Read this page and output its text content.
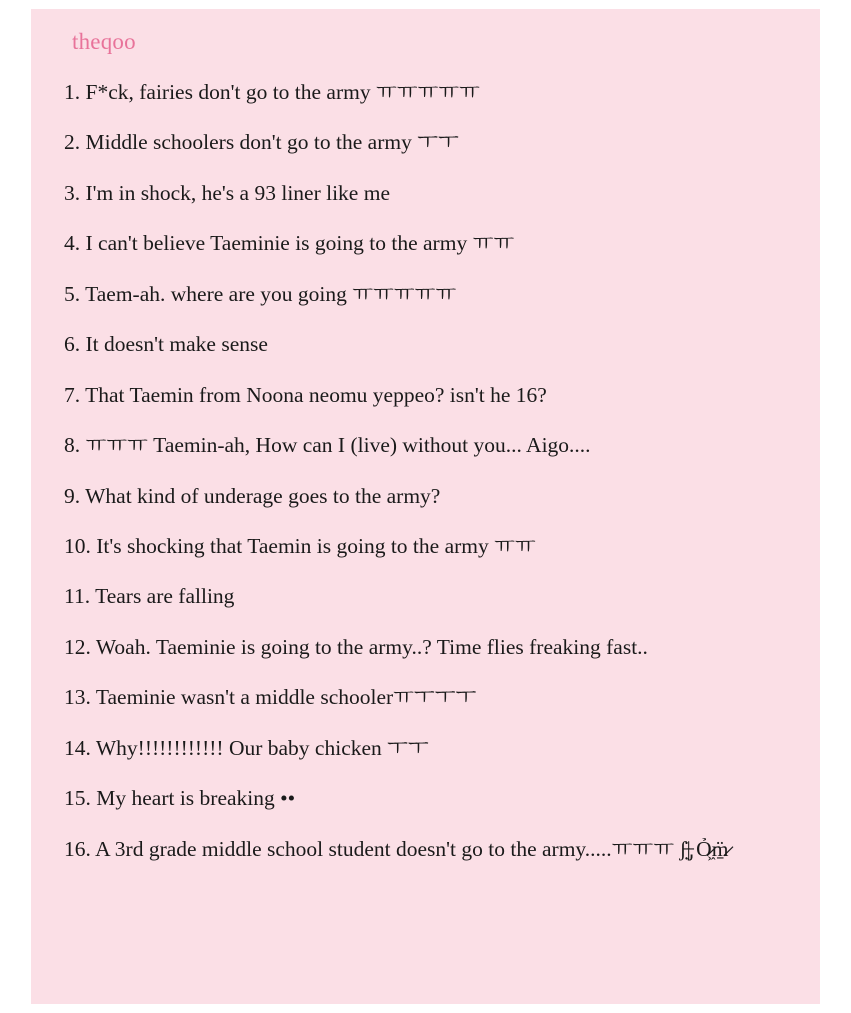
theqoo

1. F*ck, fairies don't go to the army ㅠㅠㅠㅠㅠ

2. Middle schoolers don't go to the army ㅜㅜ

3. I'm in shock, he's a 93 liner like me

4. I can't believe Taeminie is going to the army ㅠㅠ

5. Taem-ah. where are you going ㅠㅠㅠㅠㅠ

6. It doesn't make sense

7. That Taemin from Noona neomu yeppeo? isn't he 16?

8. ㅠㅠㅠ Taemin-ah, How can I (live) without you... Aigo....

9. What kind of underage goes to the army?

10. It's shocking that Taemin is going to the army ㅠㅠ

11. Tears are falling

12. Woah. Taeminie is going to the army..? Time flies freaking fast..

13. Taeminie wasn't a middle schoolerㅠㅜㅜㅜ

14. Why!!!!!!!!!!!! Our baby chicken ㅜㅜ

15. My heart is breaking ••

16. A 3rd grade middle school student doesn't go to the army.....ㅠㅠㅠ ʃ̵̣̣̇̇|̵̡̡ Ỏ̷͖m̷̠̈
